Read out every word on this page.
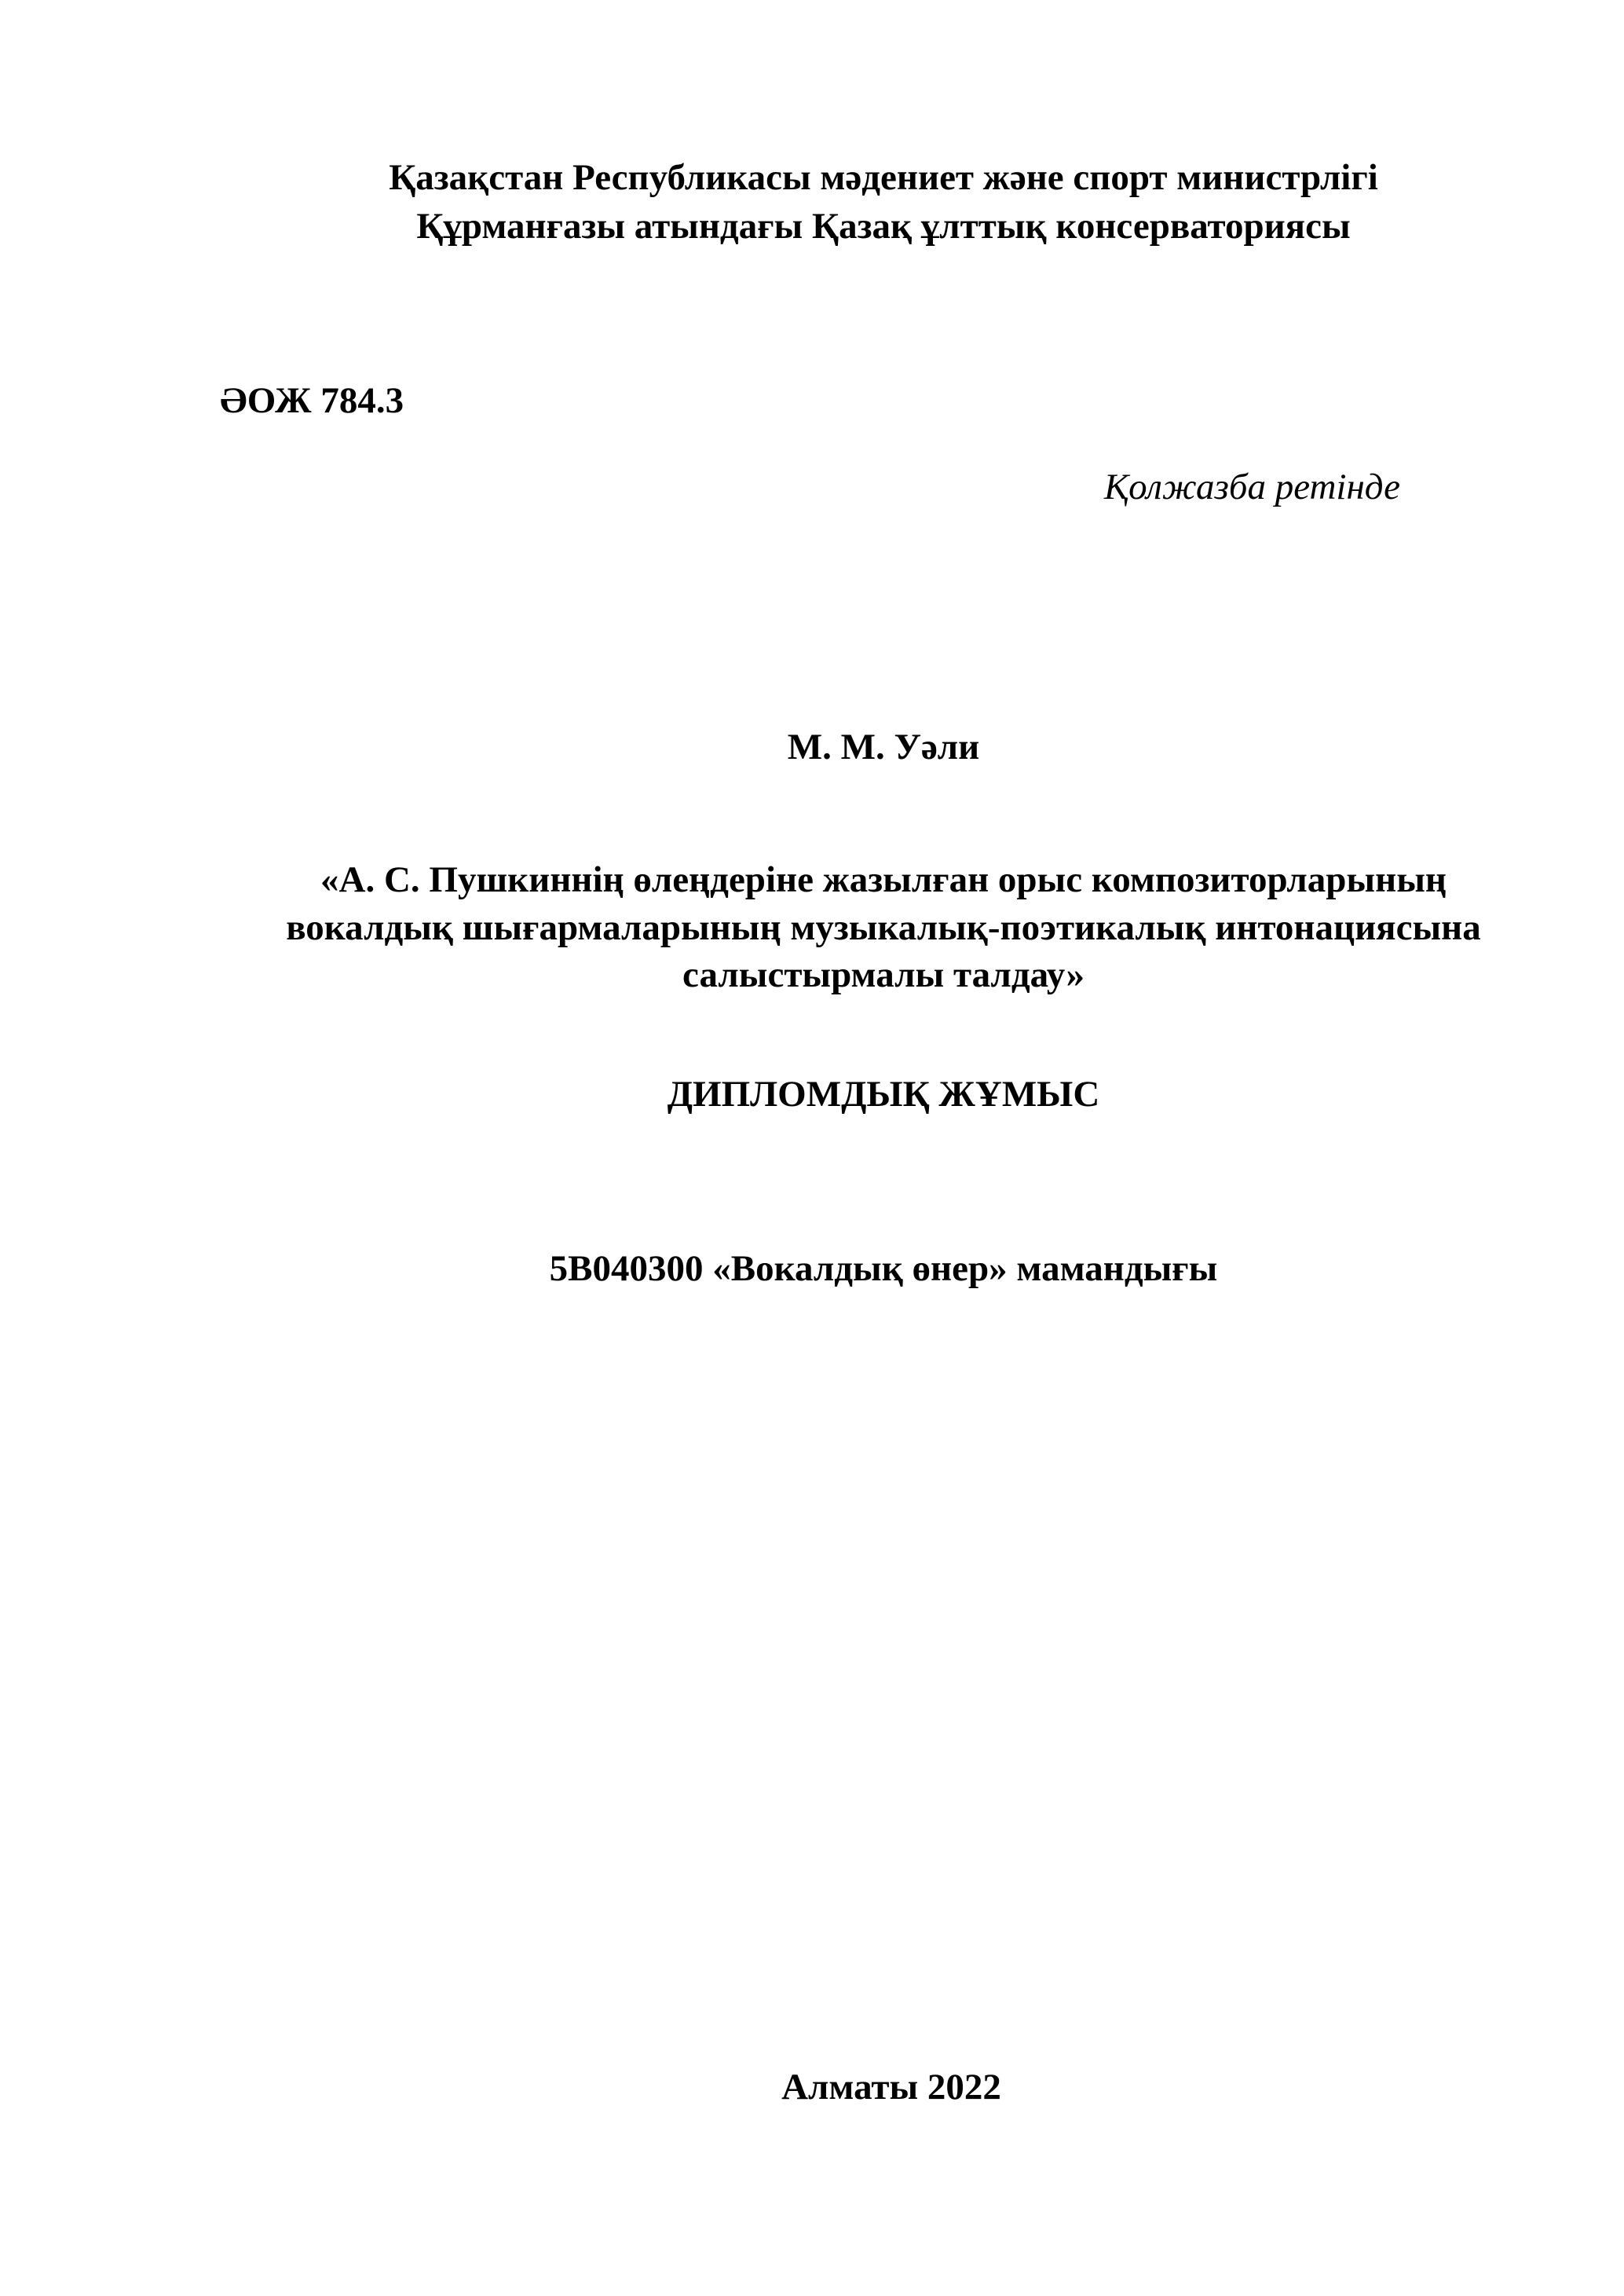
Қазақстан Республикасы мәдениет және спорт министрлігі
Құрманғазы атындағы Қазақ ұлттық консерваториясы
ӘОЖ 784.3
Қолжазба ретінде
М. М. Уәли
«А. С. Пушкиннің өлеңдеріне жазылған орыс композиторларының
вокалдық шығармаларының музыкалық-поэтикалық интонациясына
салыстырмалы талдау»
ДИПЛОМДЫҚ ЖҰМЫС
5В040300 «Вокалдық өнер» мамандығы
Алматы 2022
